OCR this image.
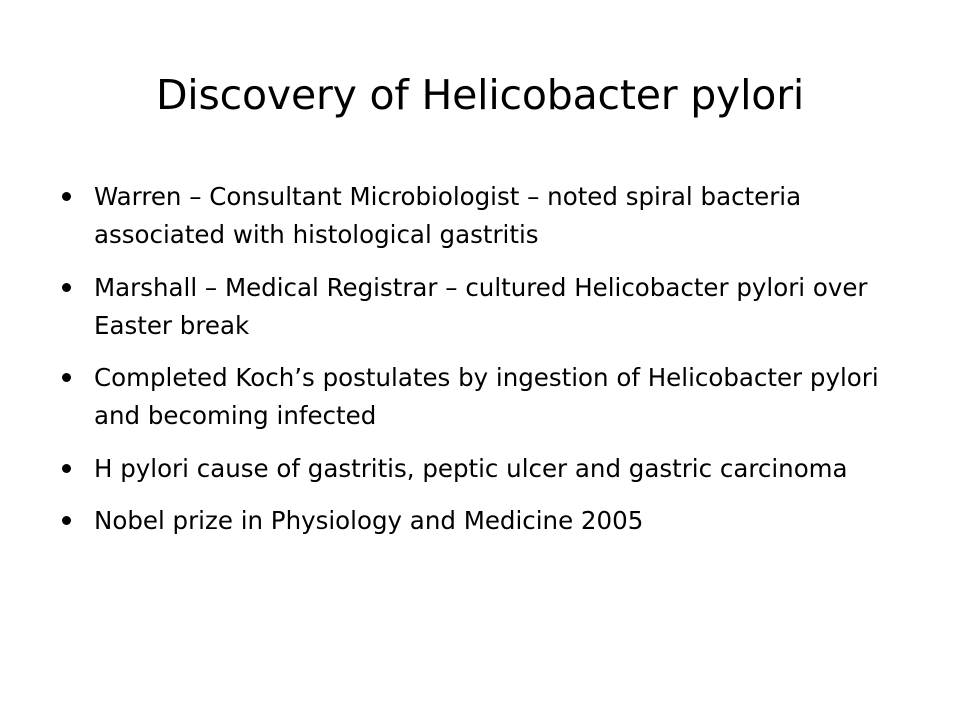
Discovery of Helicobacter pylori
Warren – Consultant Microbiologist – noted spiral bacteria associated with histological gastritis
Marshall – Medical Registrar – cultured Helicobacter pylori over Easter break
Completed Koch’s postulates by ingestion of Helicobacter pylori and becoming infected
H pylori cause of gastritis, peptic ulcer and gastric carcinoma
Nobel prize in Physiology and Medicine 2005
